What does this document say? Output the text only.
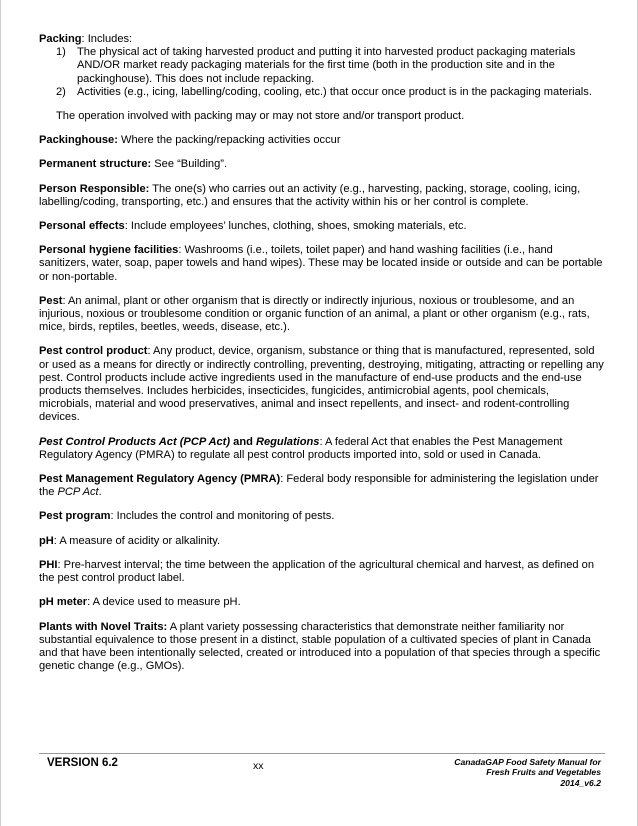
Packing: Includes:

1) The physical act of taking harvested product and putting it into harvested product packaging materials AND/OR market ready packaging materials for the first time (both in the production site and in the packinghouse). This does not include repacking.
2) Activities (e.g., icing, labelling/coding, cooling, etc.) that occur once product is in the packaging materials.

The operation involved with packing may or may not store and/or transport product.

Packinghouse: Where the packing/repacking activities occur

Permanent structure: See “Building”.

Person Responsible: The one(s) who carries out an activity (e.g., harvesting, packing, storage, cooling, icing, labelling/coding, transporting, etc.) and ensures that the activity within his or her control is complete.

Personal effects: Include employees’ lunches, clothing, shoes, smoking materials, etc.

Personal hygiene facilities: Washrooms (i.e., toilets, toilet paper) and hand washing facilities (i.e., hand sanitizers, water, soap, paper towels and hand wipes). These may be located inside or outside and can be portable or non-portable.

Pest: An animal, plant or other organism that is directly or indirectly injurious, noxious or troublesome, and an injurious, noxious or troublesome condition or organic function of an animal, a plant or other organism (e.g., rats, mice, birds, reptiles, beetles, weeds, disease, etc.).

Pest control product: Any product, device, organism, substance or thing that is manufactured, represented, sold or used as a means for directly or indirectly controlling, preventing, destroying, mitigating, attracting or repelling any pest. Control products include active ingredients used in the manufacture of end-use products and the end-use products themselves. Includes herbicides, insecticides, fungicides, antimicrobial agents, pool chemicals, microbials, material and wood preservatives, animal and insect repellents, and insect- and rodent-controlling devices.

Pest Control Products Act (PCP Act) and Regulations: A federal Act that enables the Pest Management Regulatory Agency (PMRA) to regulate all pest control products imported into, sold or used in Canada.

Pest Management Regulatory Agency (PMRA): Federal body responsible for administering the legislation under the PCP Act.

Pest program: Includes the control and monitoring of pests.

pH: A measure of acidity or alkalinity.

PHI: Pre-harvest interval; the time between the application of the agricultural chemical and harvest, as defined on the pest control product label.

pH meter: A device used to measure pH.

Plants with Novel Traits: A plant variety possessing characteristics that demonstrate neither familiarity nor substantial equivalence to those present in a distinct, stable population of a cultivated species of plant in Canada and that have been intentionally selected, created or introduced into a population of that species through a specific genetic change (e.g., GMOs).

VERSION 6.2	xx	CanadaGAP Food Safety Manual for
Fresh Fruits and Vegetables
2014_v6.2
